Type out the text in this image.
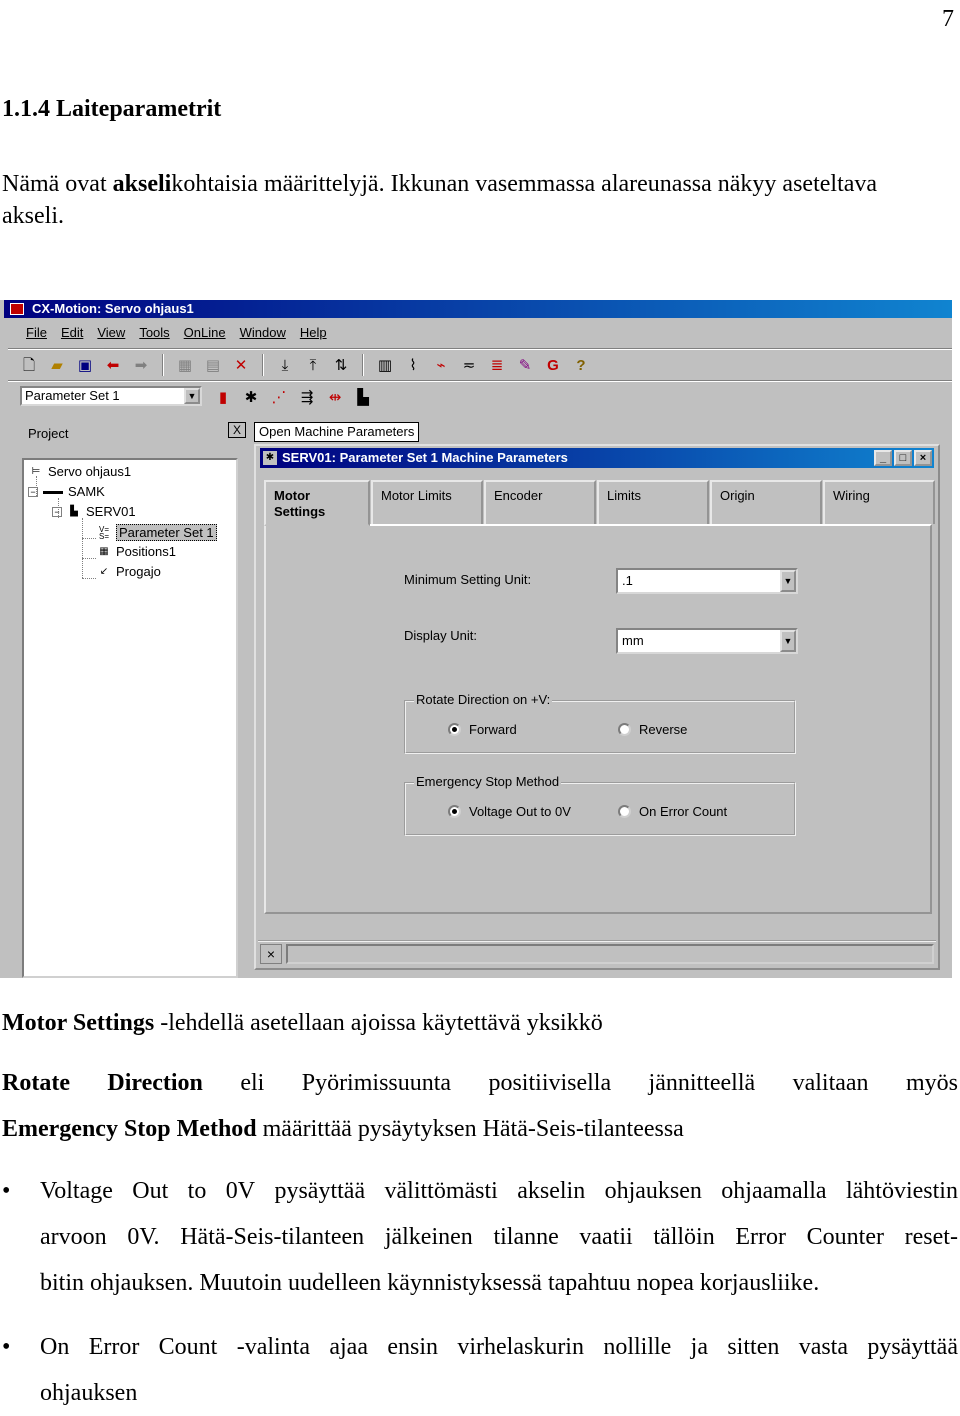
7
1.1.4 Laiteparametrit
Nämä ovat akselikohtaisia määrittelyjä. Ikkunan vasemmassa alareunassa näkyy aseteltava akseli.
CX-Motion: Servo ohjaus1
File Edit View Tools OnLine Window Help
🗋	▰	▣ ⬅	➡	▦ ▤ ✕	⤓	⤒	⇅	▥	⌇	⌁	≂	≣	✎	G	?
Parameter Set 1	▼	▮	✱ ⋰ ⇶	⇹	▙
Project	X
⊨ Servo ohjaus1
− ▬▬ SAMK
−	▙ SERV01
V=
S= Parameter Set 1
▦ Positions1
↙ Progajo
Open Machine Parameters
✱ SERV01: Parameter Set 1 Machine Parameters	_	□	×
Motor Settings
Motor Limits	Encoder	Limits	Origin	Wiring
Minimum Setting Unit:	.1	▼
Display Unit:	mm	▼
Rotate Direction on +V:
Forward	Reverse
Emergency Stop Method
Voltage Out to 0V	On Error Count
×
Motor Settings -lehdellä asetellaan ajoissa käytettävä yksikkö
Rotate Direction eli Pyörimissuunta positiivisella jännitteellä valitaan myös
Emergency Stop Method määrittää pysäytyksen Hätä-Seis-tilanteessa
• Voltage Out to 0V pysäyttää välittömästi akselin ohjauksen ohjaamalla lähtöviestin
arvoon 0V. Hätä-Seis-tilanteen jälkeinen tilanne vaatii tällöin Error Counter reset-
bitin ohjauksen. Muutoin uudelleen käynnistyksessä tapahtuu nopea korjausliike.
• On Error Count -valinta ajaa ensin virhelaskurin nollille ja sitten vasta pysäyttää
ohjauksen
